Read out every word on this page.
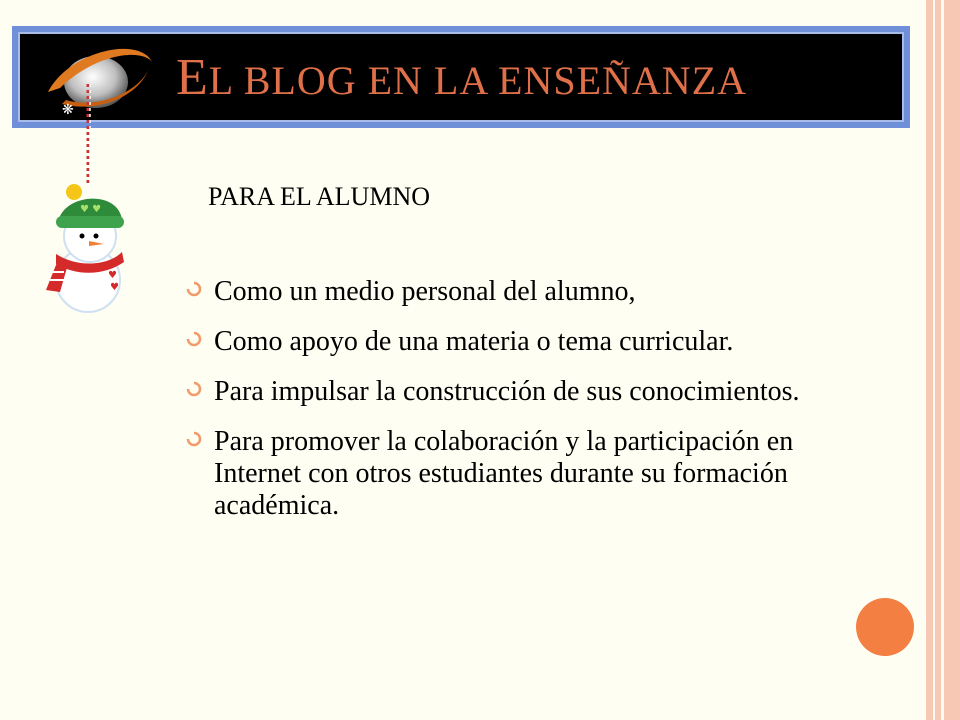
❋
EL BLOG EN LA ENSEÑANZA
♥ ♥
♥
♥
PARA EL ALUMNO
Como un medio personal del alumno,
Como apoyo de una materia o tema curricular.
Para impulsar la construcción de sus conocimientos.
Para promover la colaboración y la participación en Internet con otros estudiantes durante su formación académica.
